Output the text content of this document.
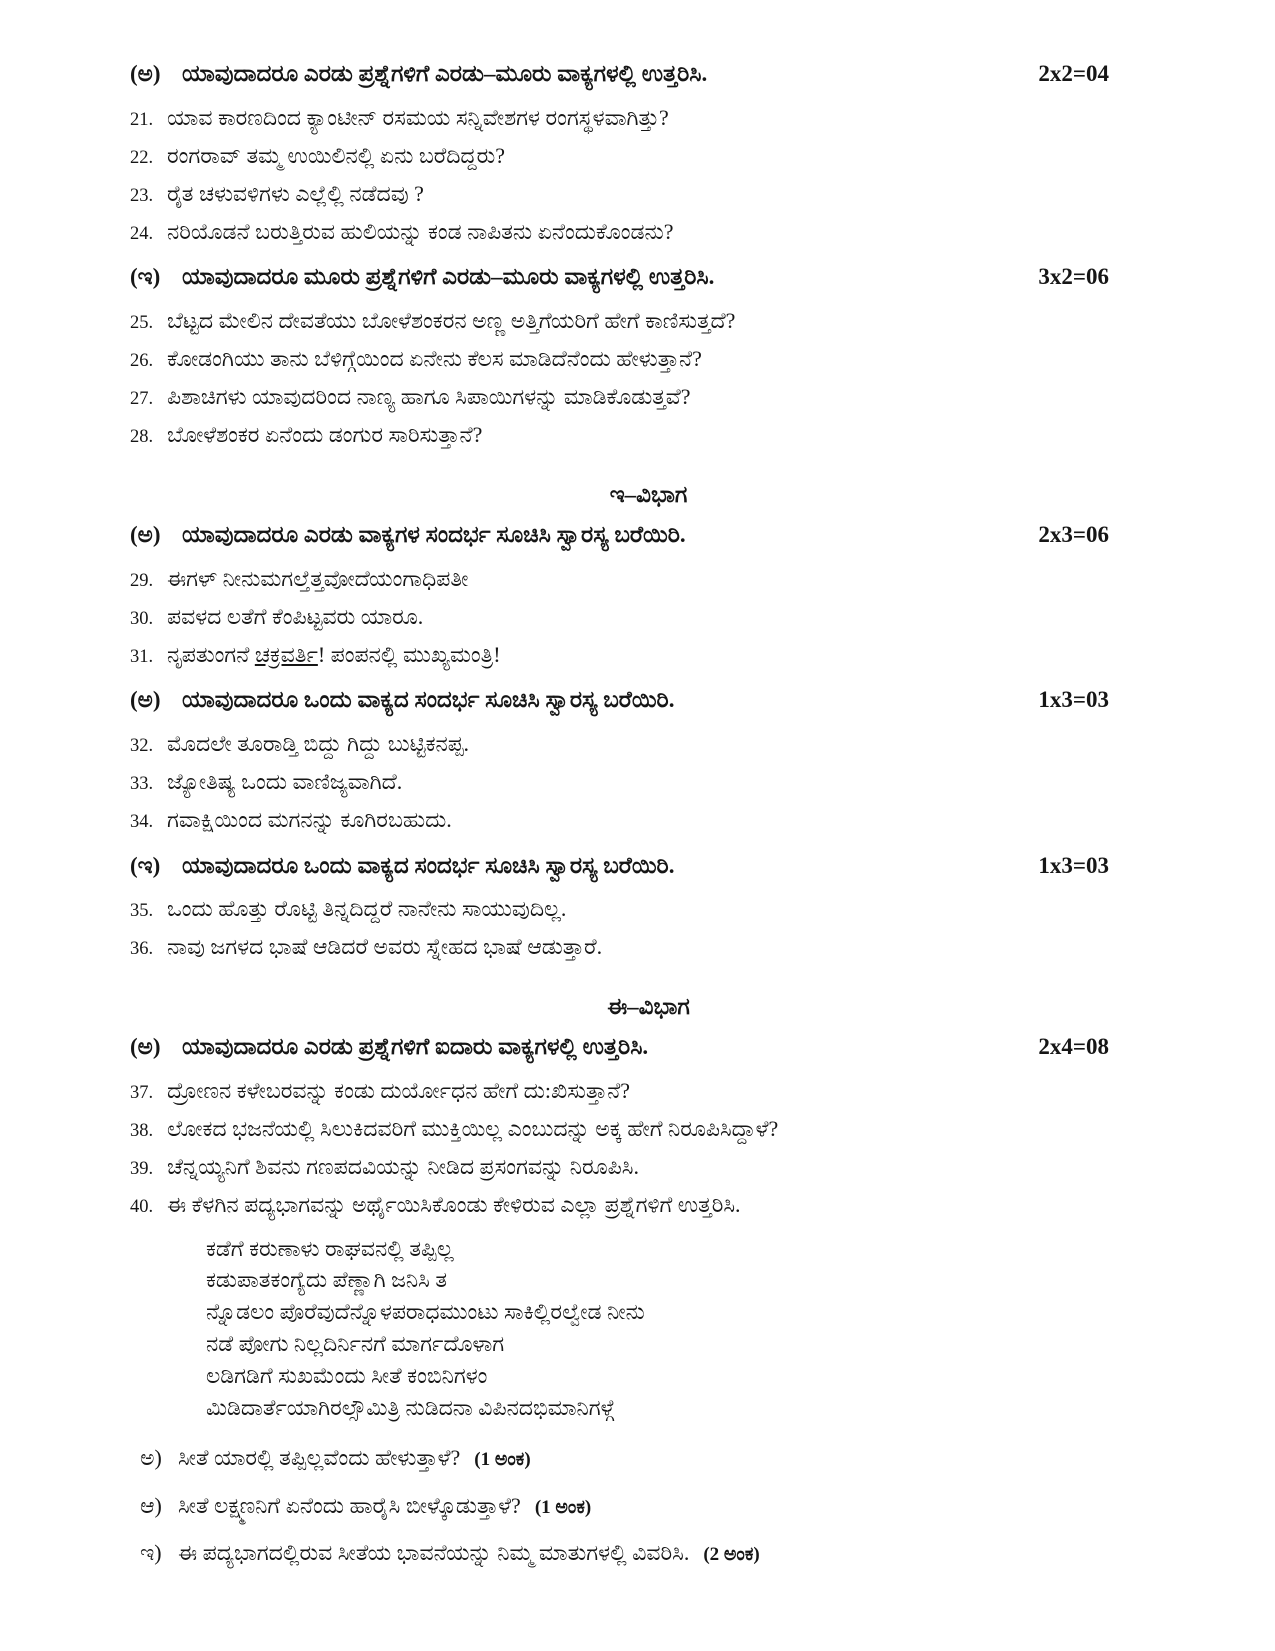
(ಅ) ಯಾವುದಾದರೂ ಎರಡು ಪ್ರಶ್ನೆಗಳಿಗೆ ಎರಡು–ಮೂರು ವಾಕ್ಯಗಳಲ್ಲಿ ಉತ್ತರಿಸಿ.	2x2=04
21. ಯಾವ ಕಾರಣದಿಂದ ಕ್ಯಾಂಟೀನ್ ರಸಮಯ ಸನ್ನಿವೇಶಗಳ ರಂಗಸ್ಥಳವಾಗಿತ್ತು?
22. ರಂಗರಾವ್ ತಮ್ಮ ಉಯಿಲಿನಲ್ಲಿ ಏನು ಬರೆದಿದ್ದರು?
23. ರೈತ ಚಳುವಳಿಗಳು ಎಲ್ಲೆಲ್ಲಿ ನಡೆದವು ?
24. ನರಿಯೊಡನೆ ಬರುತ್ತಿರುವ ಹುಲಿಯನ್ನು ಕಂಡ ನಾಪಿತನು ಏನೆಂದುಕೊಂಡನು?
(ಇ) ಯಾವುದಾದರೂ ಮೂರು ಪ್ರಶ್ನೆಗಳಿಗೆ ಎರಡು–ಮೂರು ವಾಕ್ಯಗಳಲ್ಲಿ ಉತ್ತರಿಸಿ.	3x2=06
25. ಬೆಟ್ಟದ ಮೇಲಿನ ದೇವತೆಯು ಬೋಳೆಶಂಕರನ ಅಣ್ಣ ಅತ್ತಿಗೆಯರಿಗೆ ಹೇಗೆ ಕಾಣಿಸುತ್ತದೆ?
26. ಕೋಡಂಗಿಯು ತಾನು ಬೆಳಿಗ್ಗೆಯಿಂದ ಏನೇನು ಕೆಲಸ ಮಾಡಿದೆನೆಂದು ಹೇಳುತ್ತಾನೆ?
27. ಪಿಶಾಚಿಗಳು ಯಾವುದರಿಂದ ನಾಣ್ಯ ಹಾಗೂ ಸಿಪಾಯಿಗಳನ್ನು ಮಾಡಿಕೊಡುತ್ತವೆ?
28. ಬೋಳೆಶಂಕರ ಏನೆಂದು ಡಂಗುರ ಸಾರಿಸುತ್ತಾನೆ?
ಇ–ವಿಭಾಗ
(ಅ) ಯಾವುದಾದರೂ ಎರಡು ವಾಕ್ಯಗಳ ಸಂದರ್ಭ ಸೂಚಿಸಿ ಸ್ವಾರಸ್ಯ ಬರೆಯಿರಿ.	2x3=06
29. ಈಗಳ್ ನೀನುಮಗಲ್ತೆತ್ತವೋದೆಯಂಗಾಧಿಪತೀ
30. ಪವಳದ ಲತೆಗೆ ಕೆಂಪಿಟ್ಟವರು ಯಾರೂ.
31. ನೃಪತುಂಗನೆ ಚಕ್ರವರ್ತಿ! ಪಂಪನಲ್ಲಿ ಮುಖ್ಯಮಂತ್ರಿ!
(ಅ) ಯಾವುದಾದರೂ ಒಂದು ವಾಕ್ಯದ ಸಂದರ್ಭ ಸೂಚಿಸಿ ಸ್ವಾರಸ್ಯ ಬರೆಯಿರಿ.	1x3=03
32. ಮೊದಲೇ ತೂರಾಡ್ತಿ ಬಿದ್ದು ಗಿದ್ದು ಬುಟ್ಟಿಕನಪ್ಪ.
33. ಜ್ಯೋತಿಷ್ಯ ಒಂದು ವಾಣಿಜ್ಯವಾಗಿದೆ.
34. ಗವಾಕ್ಷಿಯಿಂದ ಮಗನನ್ನು ಕೂಗಿರಬಹುದು.
(ಇ) ಯಾವುದಾದರೂ ಒಂದು ವಾಕ್ಯದ ಸಂದರ್ಭ ಸೂಚಿಸಿ ಸ್ವಾರಸ್ಯ ಬರೆಯಿರಿ.	1x3=03
35. ಒಂದು ಹೊತ್ತು ರೊಟ್ಟಿ ತಿನ್ನದಿದ್ದರೆ ನಾನೇನು ಸಾಯುವುದಿಲ್ಲ.
36. ನಾವು ಜಗಳದ ಭಾಷೆ ಆಡಿದರೆ ಅವರು ಸ್ನೇಹದ ಭಾಷೆ ಆಡುತ್ತಾರೆ.
ಈ–ವಿಭಾಗ
(ಅ) ಯಾವುದಾದರೂ ಎರಡು ಪ್ರಶ್ನೆಗಳಿಗೆ ಐದಾರು ವಾಕ್ಯಗಳಲ್ಲಿ ಉತ್ತರಿಸಿ.	2x4=08
37. ದ್ರೋಣನ ಕಳೇಬರವನ್ನು ಕಂಡು ದುರ್ಯೋಧನ ಹೇಗೆ ದು:ಖಿಸುತ್ತಾನೆ?
38. ಲೋಕದ ಭಜನೆಯಲ್ಲಿ ಸಿಲುಕಿದವರಿಗೆ ಮುಕ್ತಿಯಿಲ್ಲ ಎಂಬುದನ್ನು ಅಕ್ಕ ಹೇಗೆ ನಿರೂಪಿಸಿದ್ದಾಳೆ?
39. ಚೆನ್ನಯ್ಯನಿಗೆ ಶಿವನು ಗಣಪದವಿಯನ್ನು ನೀಡಿದ ಪ್ರಸಂಗವನ್ನು ನಿರೂಪಿಸಿ.
40. ಈ ಕೆಳಗಿನ ಪದ್ಯಭಾಗವನ್ನು ಅರ್ಥೈಯಿಸಿಕೊಂಡು ಕೇಳಿರುವ ಎಲ್ಲಾ ಪ್ರಶ್ನೆಗಳಿಗೆ ಉತ್ತರಿಸಿ.
ಕಡೆಗೆ ಕರುಣಾಳು ರಾಘವನಲ್ಲಿ ತಪ್ಪಿಲ್ಲ
ಕಡುಪಾತಕಂಗ್ಯೆದು ಪೆಣ್ಣಾಗಿ ಜನಿಸಿ ತ
ನ್ನೊಡಲಂ ಪೊರೆವುದೆನ್ನೊಳಪರಾಧಮುಂಟು ಸಾಕಿಲ್ಲಿರಲ್ವೇಡ ನೀನು
ನಡೆ ಪೋಗು ನಿಲ್ಲದಿರ್ನಿನಗೆ ಮಾರ್ಗದೊಳಾಗ
ಲಡಿಗಡಿಗೆ ಸುಖಮೆಂದು ಸೀತೆ ಕಂಬಿನಿಗಳಂ
ಮಿಡಿದಾರ್ತೆಯಾಗಿರಲ್ಸೌಮಿತ್ರಿ ನುಡಿದನಾ ವಿಪಿನದಭಿಮಾನಿಗಳ್ಗೆ
ಅ) ಸೀತೆ ಯಾರಲ್ಲಿ ತಪ್ಪಿಲ್ಲವೆಂದು ಹೇಳುತ್ತಾಳೆ? (1 ಅಂಕ)
ಆ) ಸೀತೆ ಲಕ್ಷ್ಮಣನಿಗೆ ಏನೆಂದು ಹಾರೈಸಿ ಬೀಳ್ಕೊಡುತ್ತಾಳೆ? (1 ಅಂಕ)
ಇ) ಈ ಪದ್ಯಭಾಗದಲ್ಲಿರುವ ಸೀತೆಯ ಭಾವನೆಯನ್ನು ನಿಮ್ಮ ಮಾತುಗಳಲ್ಲಿ ವಿವರಿಸಿ. (2 ಅಂಕ)
